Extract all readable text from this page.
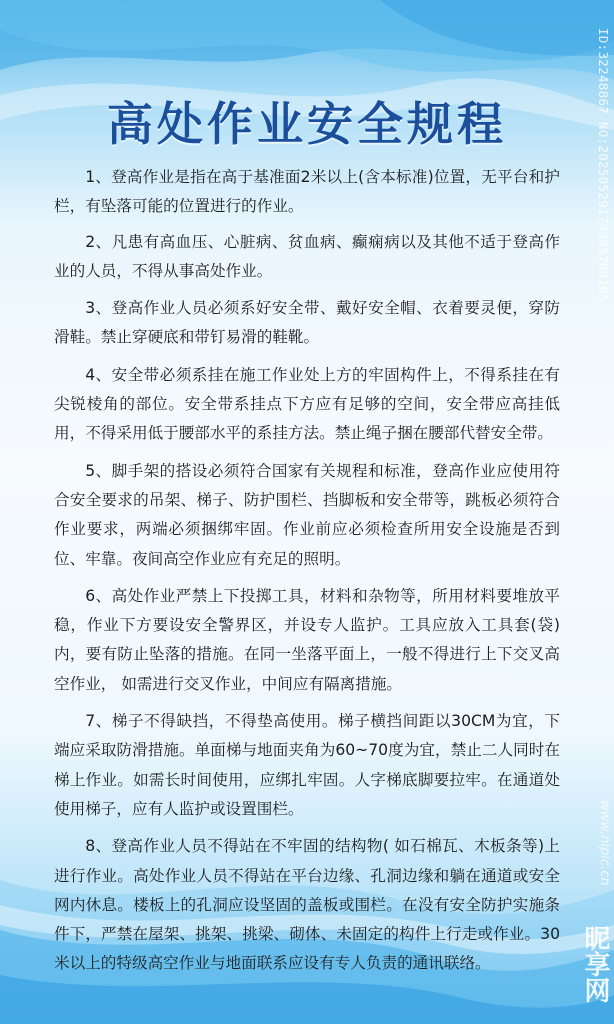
高处作业安全规程
1、登高作业是指在高于基准面2米以上(含本标准)位置，无平台和护栏，有坠落可能的位置进行的作业。
2、凡患有高血压、心脏病、贫血病、癫痫病以及其他不适于登高作业的人员，不得从事高处作业。
3、登高作业人员必须系好安全带、戴好安全帽、衣着要灵便，穿防滑鞋。禁止穿硬底和带钉易滑的鞋靴。
4、安全带必须系挂在施工作业处上方的牢固构件上，不得系挂在有尖锐棱角的部位。安全带系挂点下方应有足够的空间，安全带应高挂低用，不得采用低于腰部水平的系挂方法。禁止绳子捆在腰部代替安全带。
5、脚手架的搭设必须符合国家有关规程和标准，登高作业应使用符合安全要求的吊架、梯子、防护围栏、挡脚板和安全带等，跳板必须符合作业要求，两端必须捆绑牢固。作业前应必须检查所用安全设施是否到位、牢靠。夜间高空作业应有充足的照明。
6、高处作业严禁上下投掷工具，材料和杂物等，所用材料要堆放平稳，作业下方要设安全警界区，并设专人监护。工具应放入工具套(袋)内，要有防止坠落的措施。在同一坐落平面上，一般不得进行上下交叉高空作业， 如需进行交叉作业，中间应有隔离措施。
7、梯子不得缺挡，不得垫高使用。梯子横挡间距以30CM为宜，下端应采取防滑措施。单面梯与地面夹角为60~70度为宜，禁止二人同时在梯上作业。如需长时间使用，应绑扎牢固。人字梯底脚要拉牢。在通道处使用梯子，应有人监护或设置围栏。
8、登高作业人员不得站在不牢固的结构物( 如石棉瓦、木板条等)上进行作业。高处作业人员不得站在平台边缘、孔洞边缘和躺在通道或安全网内休息。楼板上的孔洞应设坚固的盖板或围栏。在没有安全防护实施条件下，严禁在屋架、挑架、挑梁、砌体、未固定的构件上行走或作业。30 米以上的特级高空作业与地面联系应设有专人负责的通讯联络。
ID:32248867 NO:20250529174305700105
www.nipic.cn
昵享网
